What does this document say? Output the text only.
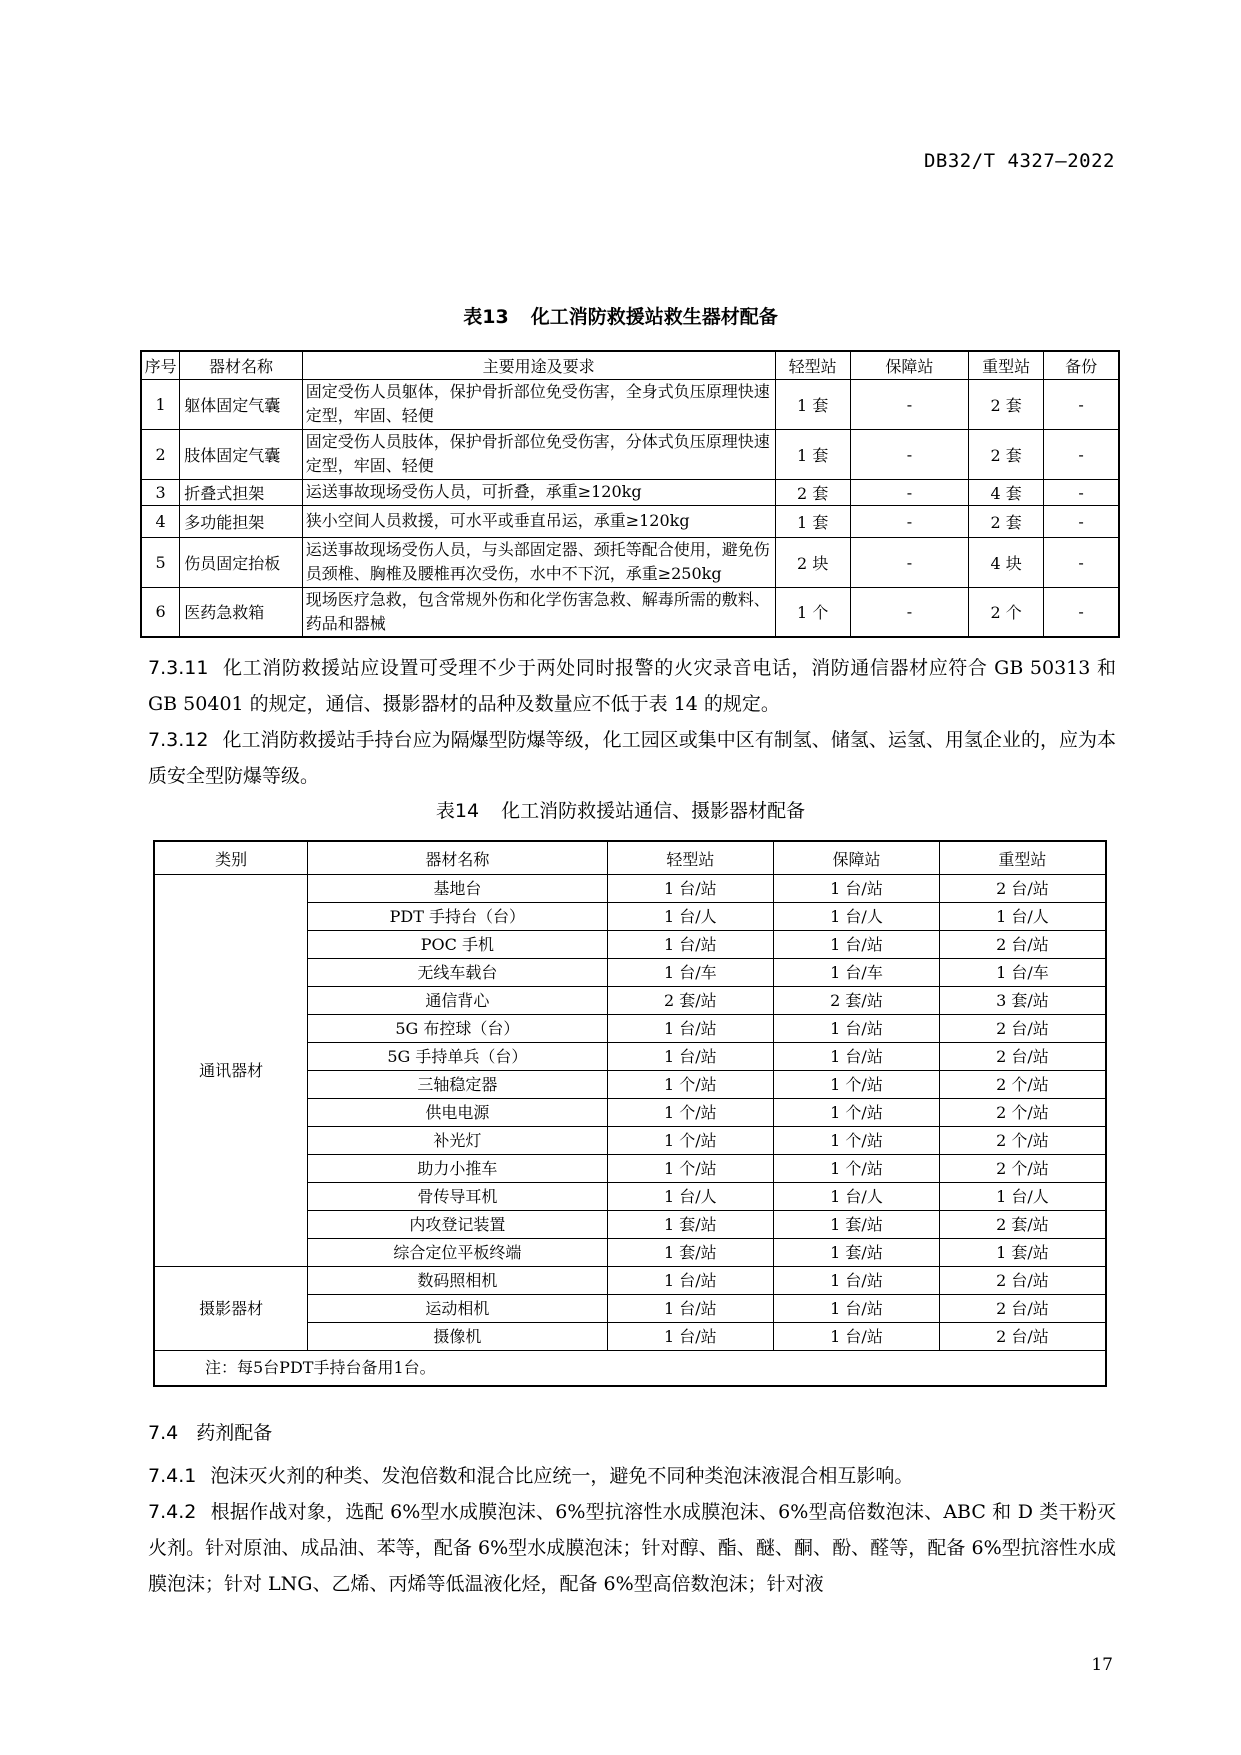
DB32/T 4327—2022
表13 化工消防救援站救生器材配备
序号	器材名称	主要用途及要求	轻型站	保障站	重型站	备份
1	躯体固定气囊	固定受伤人员躯体，保护骨折部位免受伤害，全身式负压原理快速定型，牢固、轻便	1 套	-	2 套	-
2	肢体固定气囊	固定受伤人员肢体，保护骨折部位免受伤害，分体式负压原理快速定型，牢固、轻便	1 套	-	2 套	-
3	折叠式担架	运送事故现场受伤人员，可折叠，承重≥120kg	2 套	-	4 套	-
4	多功能担架	狭小空间人员救援，可水平或垂直吊运，承重≥120kg	1 套	-	2 套	-
5	伤员固定抬板	运送事故现场受伤人员，与头部固定器、颈托等配合使用，避免伤员颈椎、胸椎及腰椎再次受伤，水中不下沉，承重≥250kg	2 块	-	4 块	-
6	医药急救箱	现场医疗急救，包含常规外伤和化学伤害急救、解毒所需的敷料、药品和器械	1 个	-	2 个	-
7.3.11 化工消防救援站应设置可受理不少于两处同时报警的火灾录音电话，消防通信器材应符合 GB 50313 和 GB 50401 的规定，通信、摄影器材的品种及数量应不低于表 14 的规定。
7.3.12 化工消防救援站手持台应为隔爆型防爆等级，化工园区或集中区有制氢、储氢、运氢、用氢企业的，应为本质安全型防爆等级。
表14 化工消防救援站通信、摄影器材配备
类别	器材名称	轻型站	保障站	重型站
通讯器材	基地台	1 台/站	1 台/站	2 台/站
	PDT 手持台（台）	1 台/人	1 台/人	1 台/人
	POC 手机	1 台/站	1 台/站	2 台/站
	无线车载台	1 台/车	1 台/车	1 台/车
	通信背心	2 套/站	2 套/站	3 套/站
	5G 布控球（台）	1 台/站	1 台/站	2 台/站
	5G 手持单兵（台）	1 台/站	1 台/站	2 台/站
	三轴稳定器	1 个/站	1 个/站	2 个/站
	供电电源	1 个/站	1 个/站	2 个/站
	补光灯	1 个/站	1 个/站	2 个/站
	助力小推车	1 个/站	1 个/站	2 个/站
	骨传导耳机	1 台/人	1 台/人	1 台/人
	内攻登记装置	1 套/站	1 套/站	2 套/站
	综合定位平板终端	1 套/站	1 套/站	1 套/站
摄影器材	数码照相机	1 台/站	1 台/站	2 台/站
	运动相机	1 台/站	1 台/站	2 台/站
	摄像机	1 台/站	1 台/站	2 台/站
注：每5台PDT手持台备用1台。				
7.4 药剂配备
7.4.1 泡沫灭火剂的种类、发泡倍数和混合比应统一，避免不同种类泡沫液混合相互影响。
7.4.2 根据作战对象，选配 6%型水成膜泡沫、6%型抗溶性水成膜泡沫、6%型高倍数泡沫、ABC 和 D 类干粉灭火剂。针对原油、成品油、苯等，配备 6%型水成膜泡沫；针对醇、酯、醚、酮、酚、醛等，配备 6%型抗溶性水成膜泡沫；针对 LNG、乙烯、丙烯等低温液化烃，配备 6%型高倍数泡沫；针对液
17
